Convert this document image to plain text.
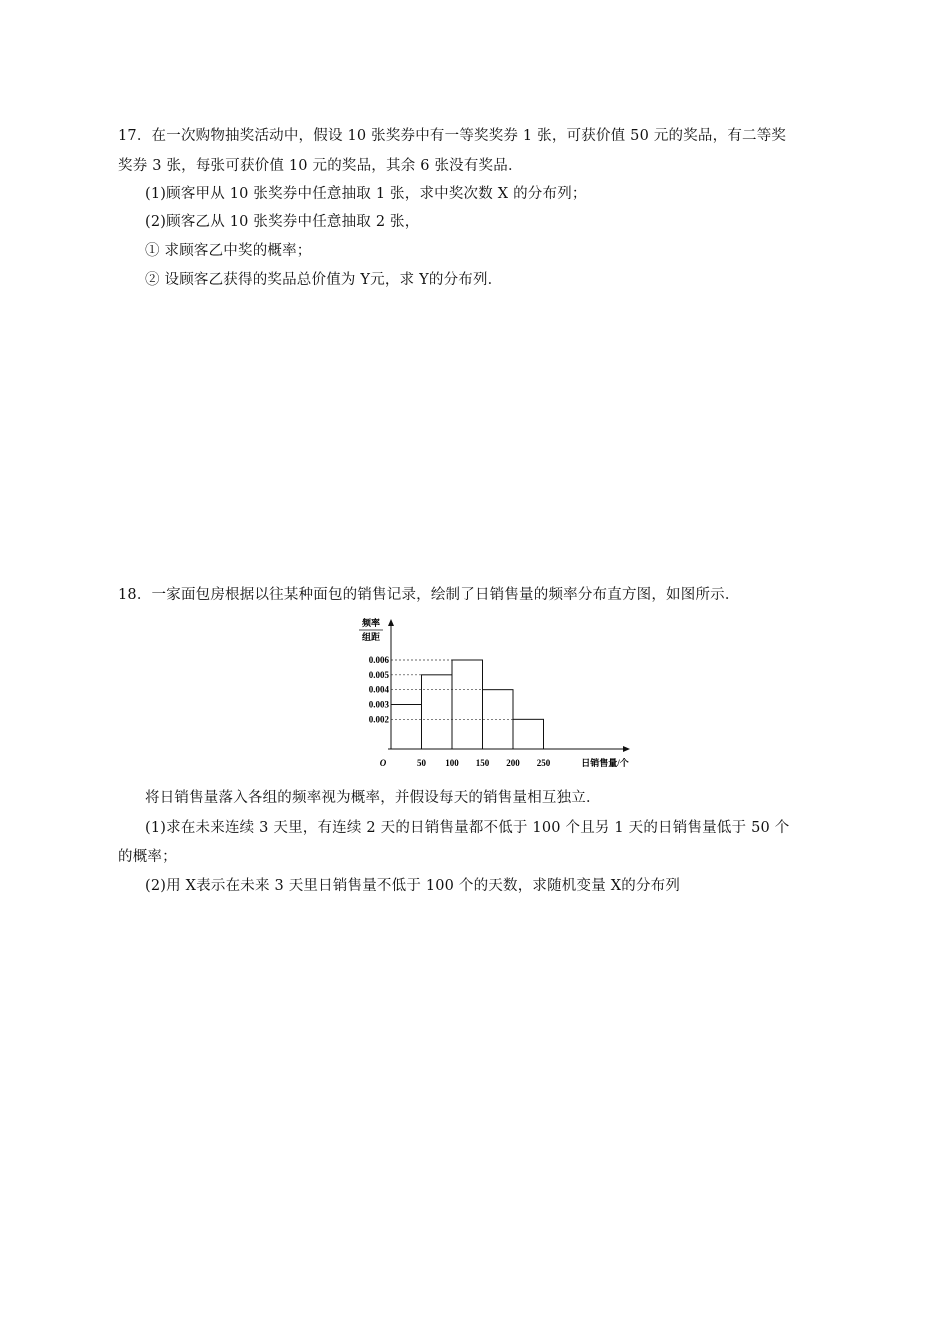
17．在一次购物抽奖活动中，假设 10 张奖券中有一等奖奖券 1 张，可获价值 50 元的奖品，有二等奖
奖券 3 张，每张可获价值 10 元的奖品，其余 6 张没有奖品．
(1)顾客甲从 10 张奖券中任意抽取 1 张，求中奖次数 X 的分布列；
(2)顾客乙从 10 张奖券中任意抽取 2 张，
① 求顾客乙中奖的概率；
② 设顾客乙获得的奖品总价值为 Y元，求 Y的分布列．
18．一家面包房根据以往某种面包的销售记录，绘制了日销售量的频率分布直方图，如图所示．
频率
组距
O	日销售量/个
50 100 150 200 250
0.006
0.005
0.004
0.003
0.002
将日销售量落入各组的频率视为概率，并假设每天的销售量相互独立．
(1)求在未来连续 3 天里，有连续 2 天的日销售量都不低于 100 个且另 1 天的日销售量低于 50 个
的概率；
(2)用 X表示在未来 3 天里日销售量不低于 100 个的天数，求随机变量 X的分布列
